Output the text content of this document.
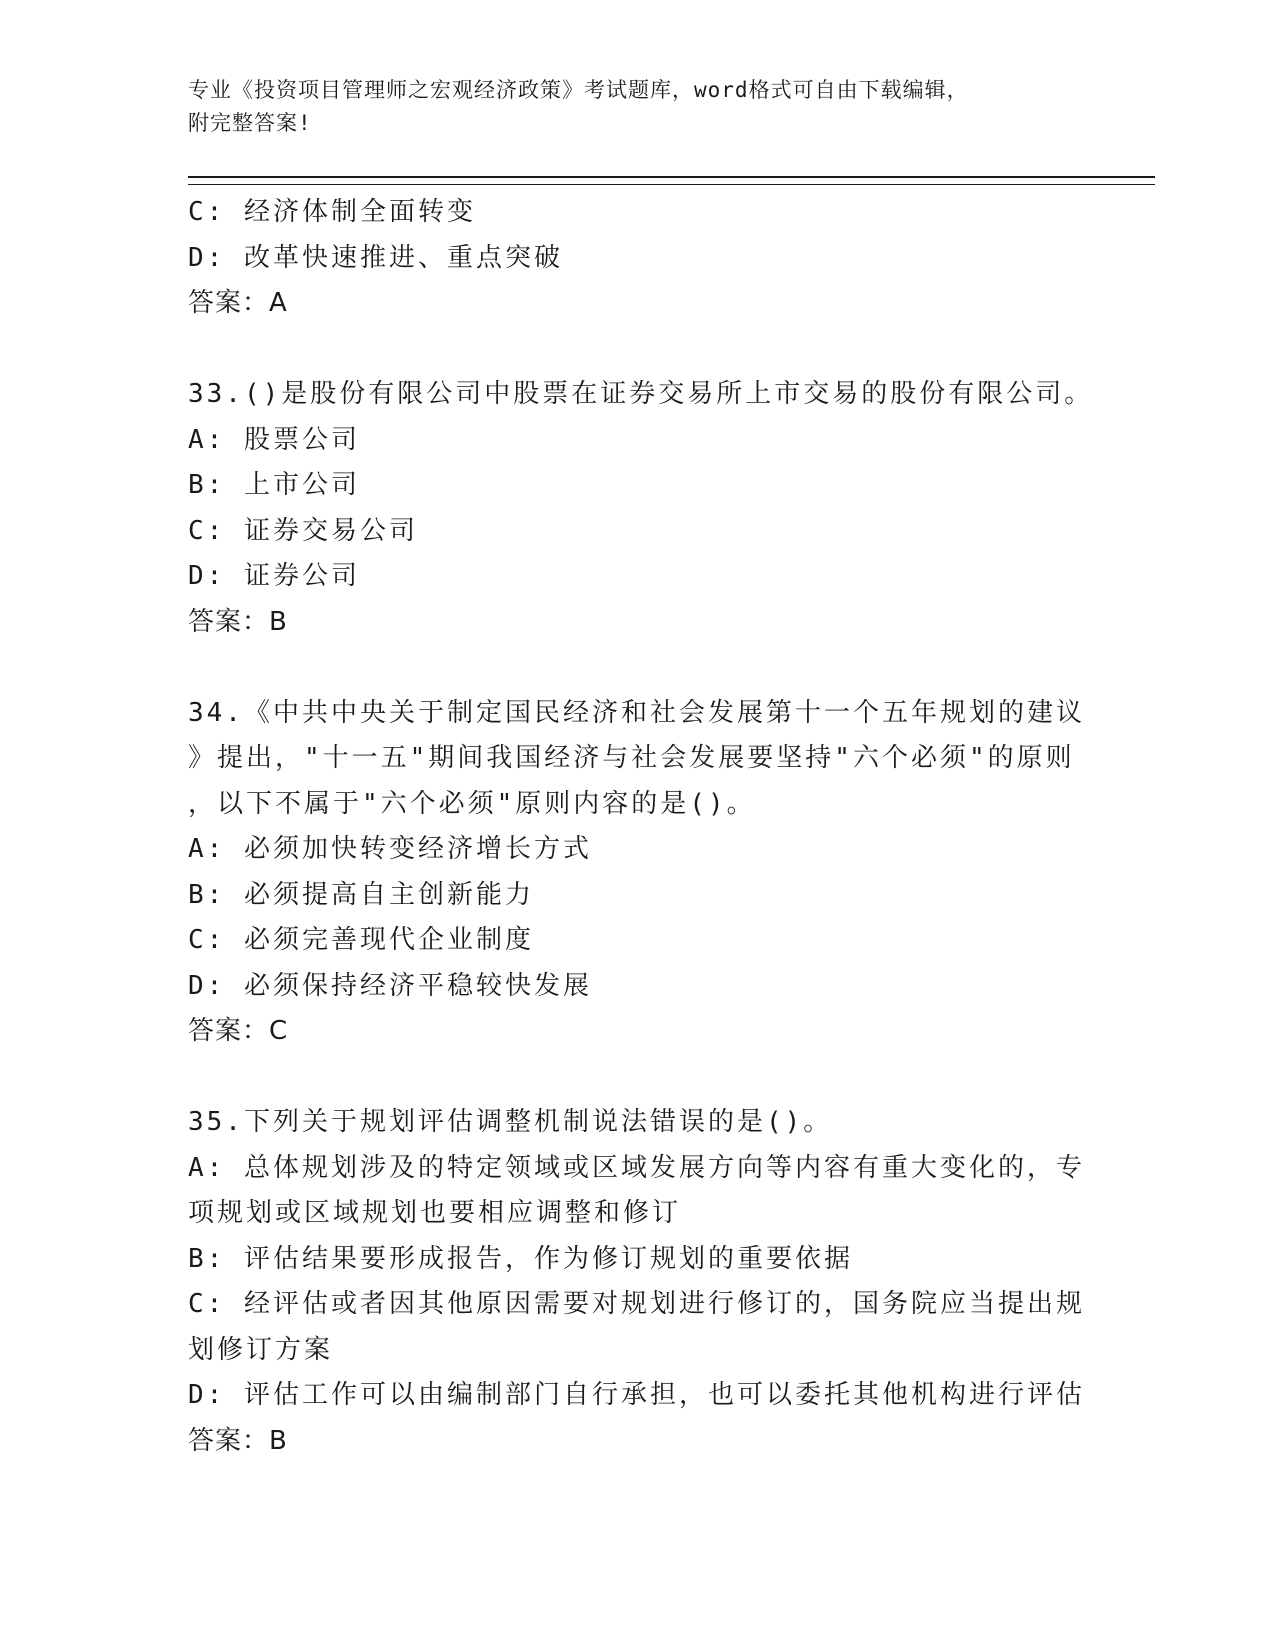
专业《投资项目管理师之宏观经济政策》考试题库，word格式可自由下载编辑，
附完整答案!
C: 经济体制全面转变
D: 改革快速推进、重点突破
答案：A
33.()是股份有限公司中股票在证券交易所上市交易的股份有限公司。
A: 股票公司
B: 上市公司
C: 证券交易公司
D: 证券公司
答案：B
34.《中共中央关于制定国民经济和社会发展第十一个五年规划的建议
》提出，"十一五"期间我国经济与社会发展要坚持"六个必须"的原则
，以下不属于"六个必须"原则内容的是()。
A: 必须加快转变经济增长方式
B: 必须提高自主创新能力
C: 必须完善现代企业制度
D: 必须保持经济平稳较快发展
答案：C
35.下列关于规划评估调整机制说法错误的是()。
A: 总体规划涉及的特定领域或区域发展方向等内容有重大变化的，专
项规划或区域规划也要相应调整和修订
B: 评估结果要形成报告，作为修订规划的重要依据
C: 经评估或者因其他原因需要对规划进行修订的，国务院应当提出规
划修订方案
D: 评估工作可以由编制部门自行承担，也可以委托其他机构进行评估
答案：B
